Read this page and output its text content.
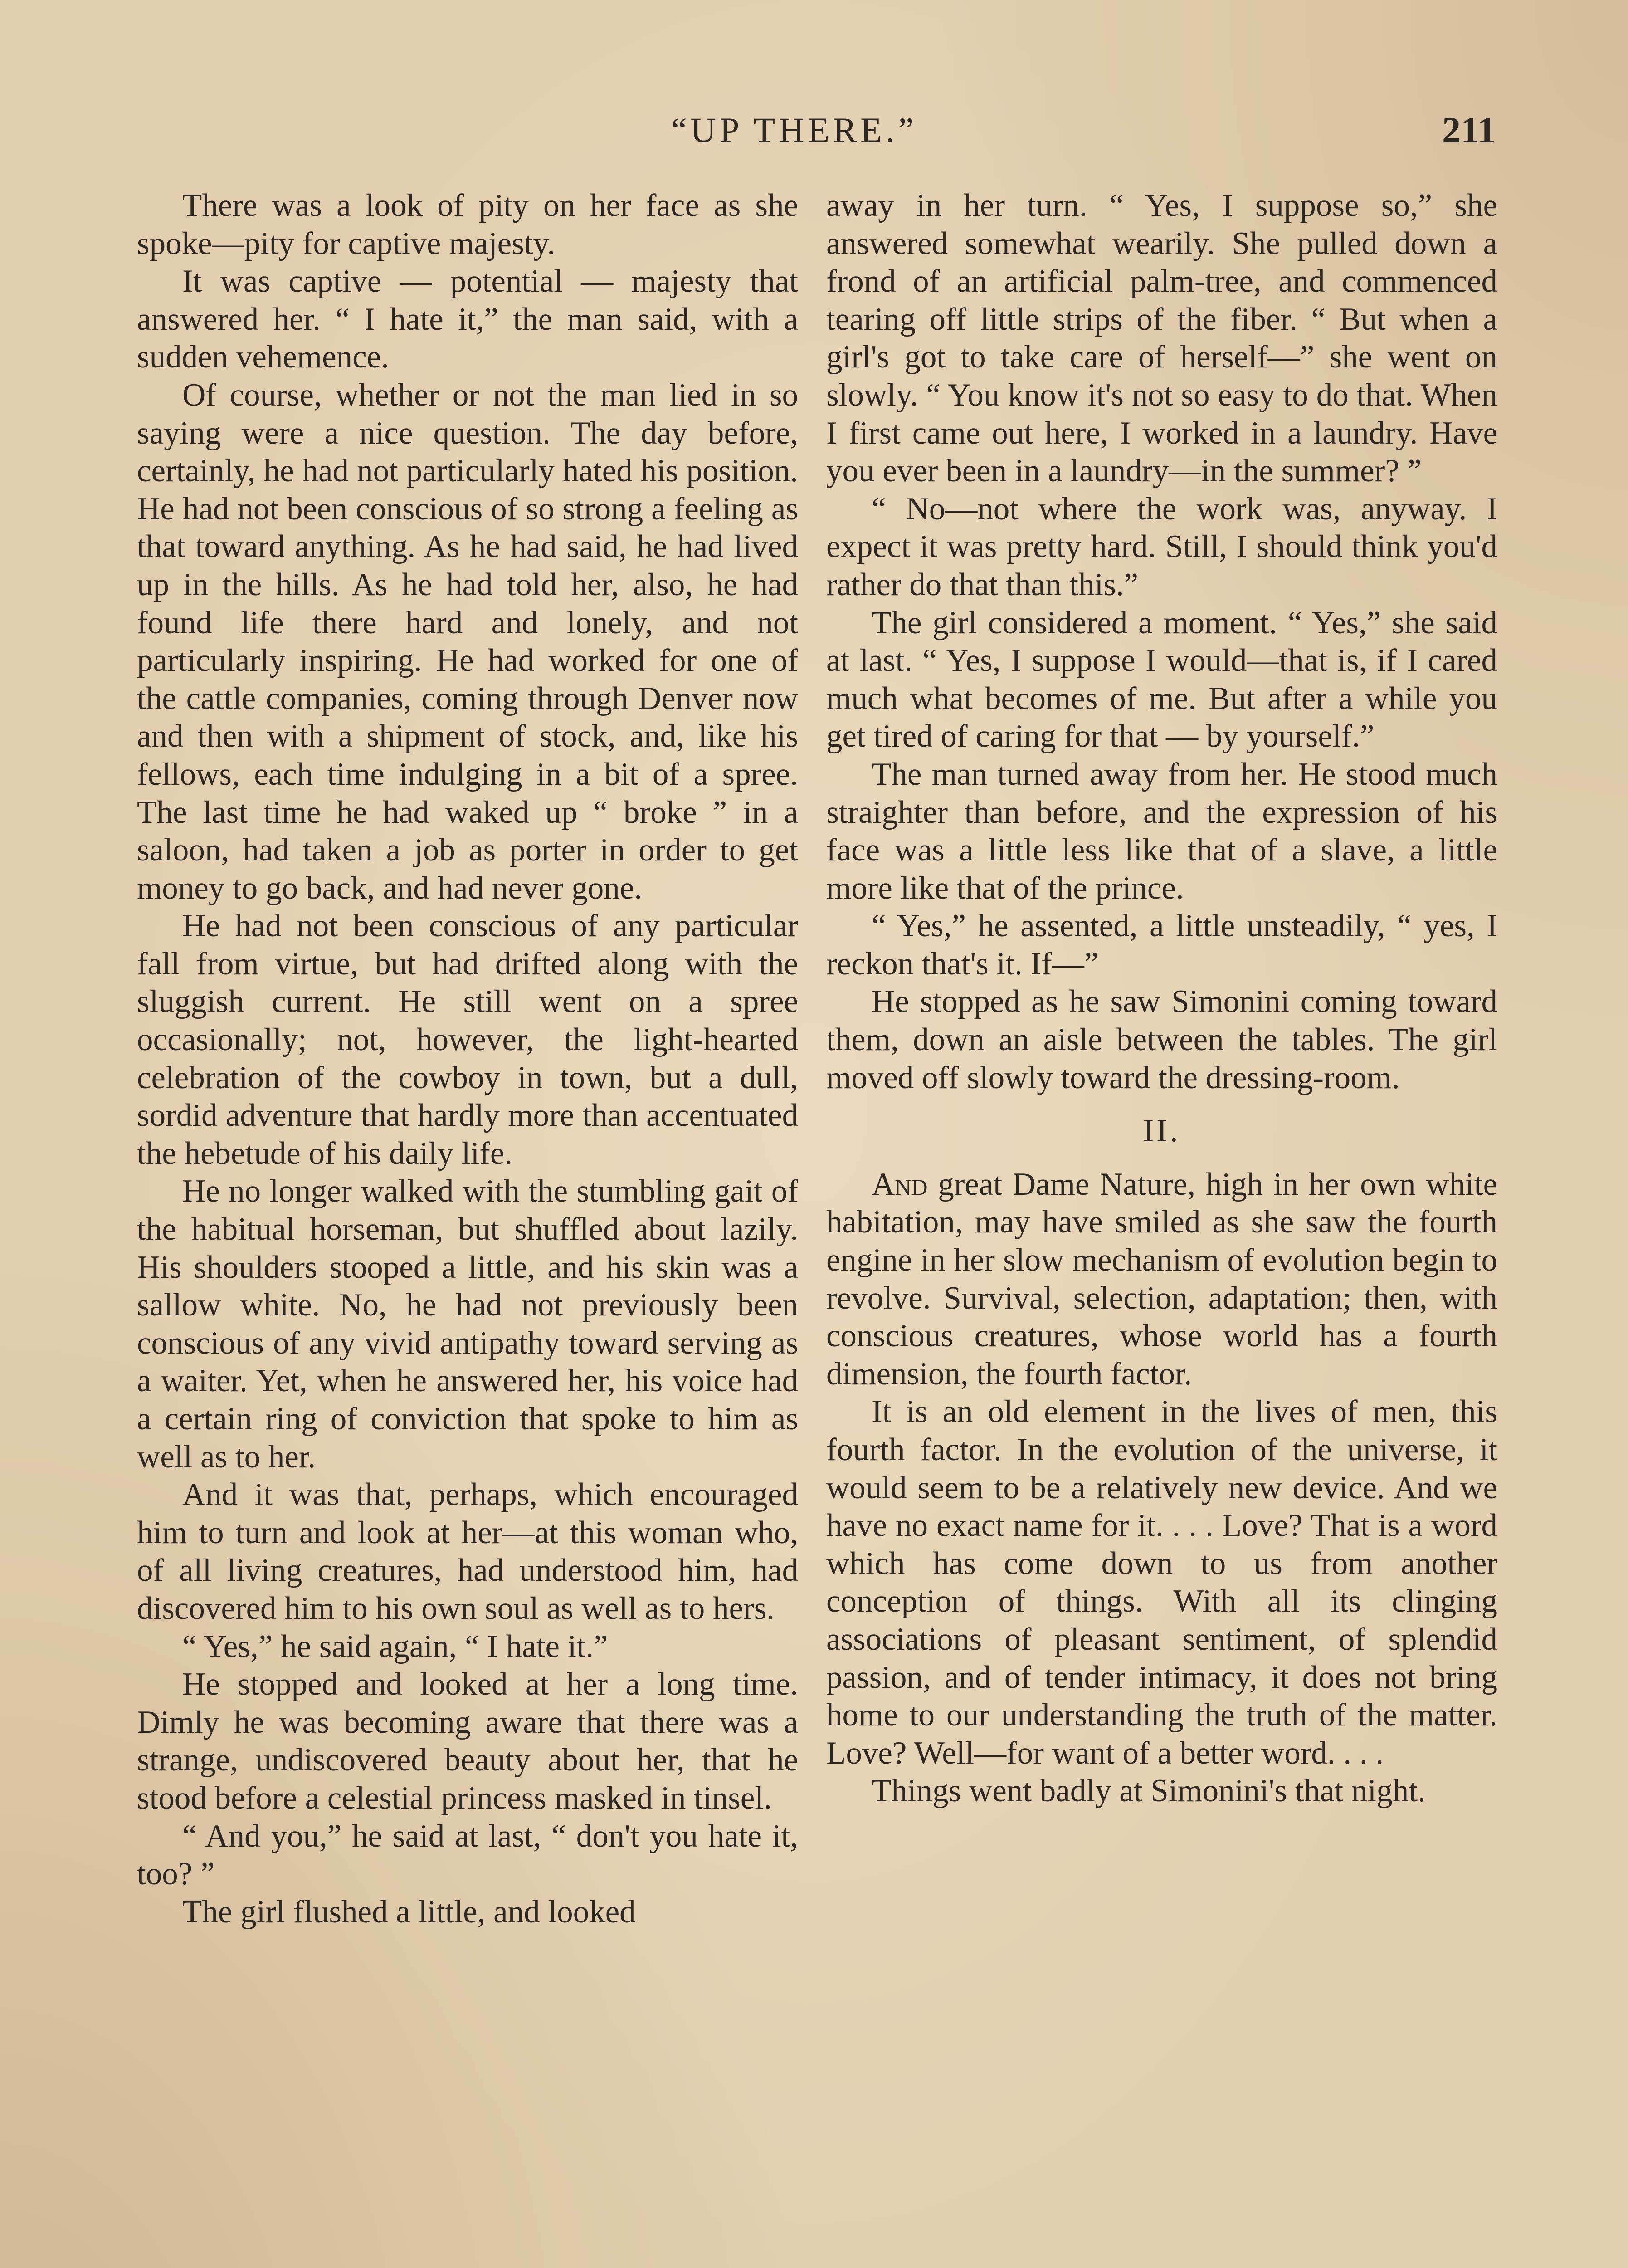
“UP THERE.”	211

There was a look of pity on her face as she spoke—pity for captive majesty.

It was captive — potential — majesty that answered her. “ I hate it,” the man said, with a sudden vehemence.

Of course, whether or not the man lied in so saying were a nice question. The day before, certainly, he had not particularly hated his position. He had not been conscious of so strong a feeling as that toward anything. As he had said, he had lived up in the hills. As he had told her, also, he had found life there hard and lonely, and not particularly inspiring. He had worked for one of the cattle companies, coming through Denver now and then with a shipment of stock, and, like his fellows, each time indulging in a bit of a spree. The last time he had waked up “ broke ” in a saloon, had taken a job as porter in order to get money to go back, and had never gone.

He had not been conscious of any particular fall from virtue, but had drifted along with the sluggish current. He still went on a spree occasionally; not, however, the light-hearted celebration of the cowboy in town, but a dull, sordid adventure that hardly more than accentuated the hebetude of his daily life.

He no longer walked with the stumbling gait of the habitual horseman, but shuffled about lazily. His shoulders stooped a little, and his skin was a sallow white. No, he had not previously been conscious of any vivid antipathy toward serving as a waiter. Yet, when he answered her, his voice had a certain ring of conviction that spoke to him as well as to her.

And it was that, perhaps, which encouraged him to turn and look at her—at this woman who, of all living creatures, had understood him, had discovered him to his own soul as well as to hers.

“ Yes,” he said again, “ I hate it.”

He stopped and looked at her a long time. Dimly he was becoming aware that there was a strange, undiscovered beauty about her, that he stood before a celestial princess masked in tinsel.

“ And you,” he said at last, “ don't you hate it, too? ”

The girl flushed a little, and looked

away in her turn. “ Yes, I suppose so,” she answered somewhat wearily. She pulled down a frond of an artificial palm-tree, and commenced tearing off little strips of the fiber. “ But when a girl's got to take care of herself—” she went on slowly. “ You know it's not so easy to do that. When I first came out here, I worked in a laundry. Have you ever been in a laundry—in the summer? ”

“ No—not where the work was, anyway. I expect it was pretty hard. Still, I should think you'd rather do that than this.”

The girl considered a moment. “ Yes,” she said at last. “ Yes, I suppose I would—that is, if I cared much what becomes of me. But after a while you get tired of caring for that — by yourself.”

The man turned away from her. He stood much straighter than before, and the expression of his face was a little less like that of a slave, a little more like that of the prince.

“ Yes,” he assented, a little unsteadily, “ yes, I reckon that's it. If—”

He stopped as he saw Simonini coming toward them, down an aisle between the tables. The girl moved off slowly toward the dressing-room.

II.

And great Dame Nature, high in her own white habitation, may have smiled as she saw the fourth engine in her slow mechanism of evolution begin to revolve. Survival, selection, adaptation; then, with conscious creatures, whose world has a fourth dimension, the fourth factor.

It is an old element in the lives of men, this fourth factor. In the evolution of the universe, it would seem to be a relatively new device. And we have no exact name for it. . . . Love? That is a word which has come down to us from another conception of things. With all its clinging associations of pleasant sentiment, of splendid passion, and of tender intimacy, it does not bring home to our understanding the truth of the matter. Love? Well—for want of a better word. . . .

Things went badly at Simonini's that night.
